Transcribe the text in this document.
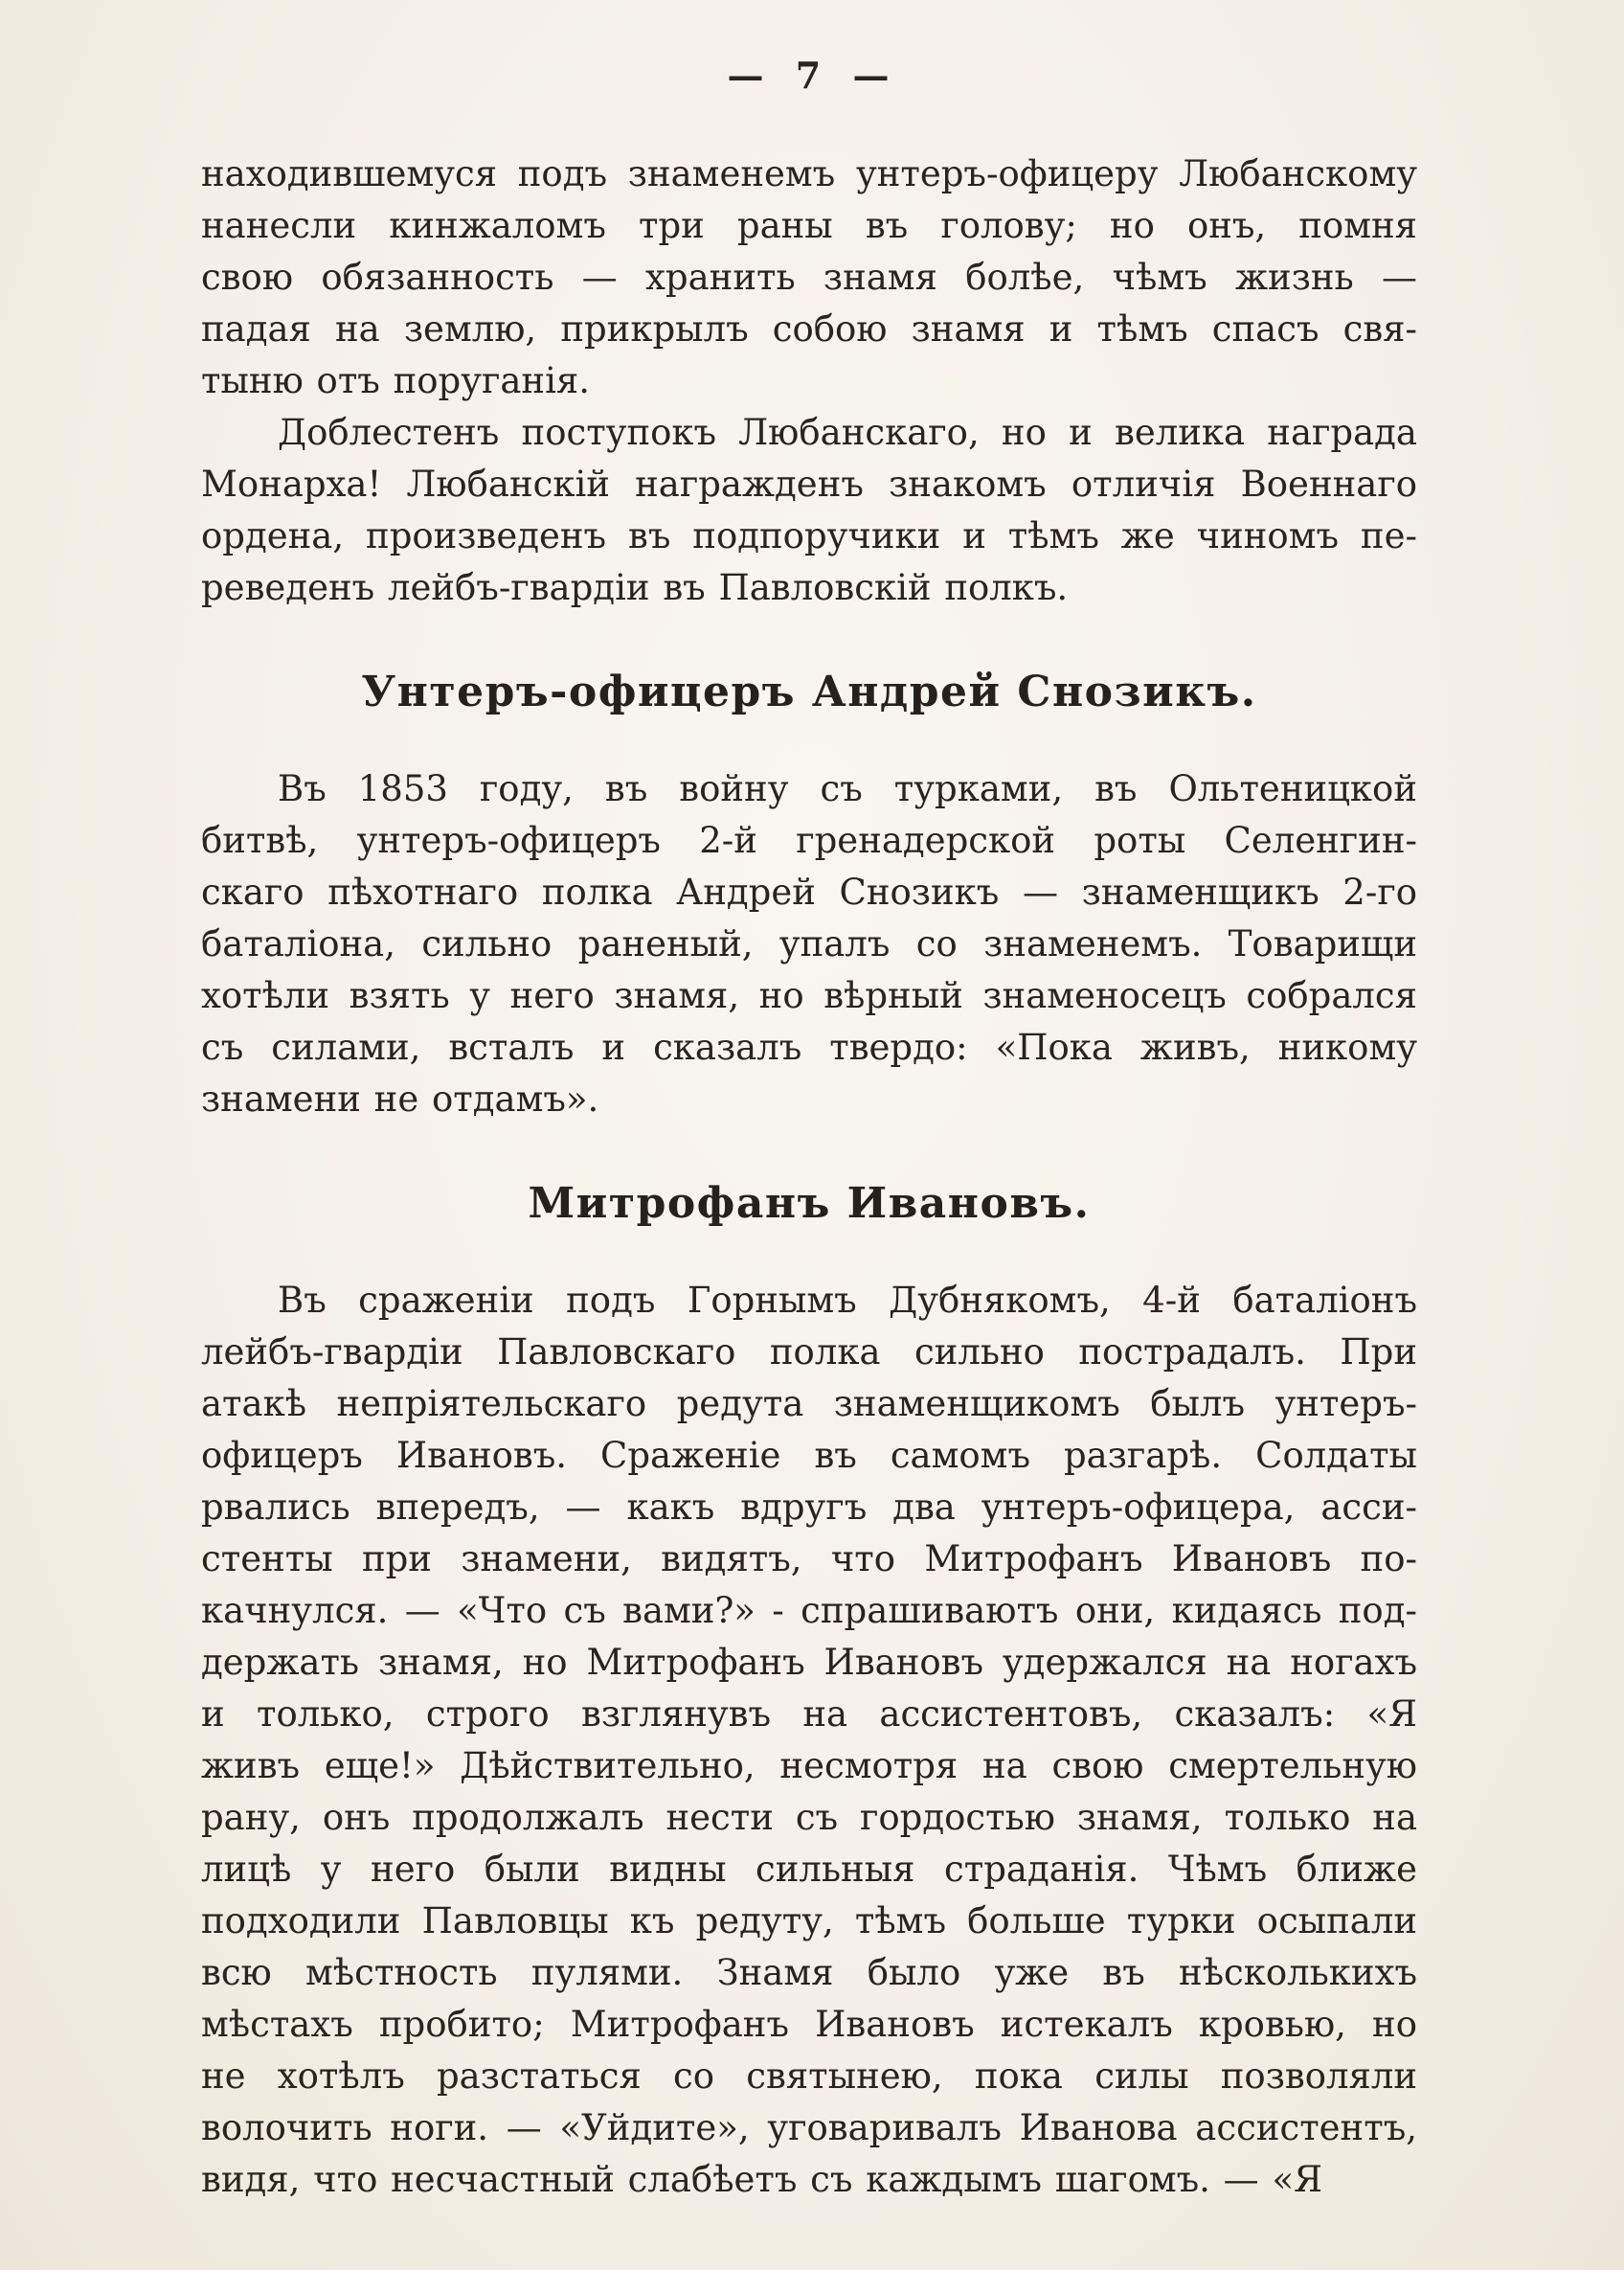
— 7 —

находившемуся подъ знаменемъ унтеръ-офицеру Любанскому
нанесли кинжаломъ три раны въ голову; но онъ, помня
свою обязанность — хранить знамя болѣе, чѣмъ жизнь —
падая на землю, прикрылъ собою знамя и тѣмъ спасъ свя-
тыню отъ поруганія.

Доблестенъ поступокъ Любанскаго, но и велика награда
Монарха! Любанскій награжденъ знакомъ отличія Военнаго
ордена, произведенъ въ подпоручики и тѣмъ же чиномъ пе-
реведенъ лейбъ-гвардіи въ Павловскій полкъ.

Унтеръ-офицеръ Андрей Снозикъ.

Въ 1853 году, въ войну съ турками, въ Ольтеницкой
битвѣ, унтеръ-офицеръ 2-й гренадерской роты Селенгин-
скаго пѣхотнаго полка Андрей Снозикъ — знаменщикъ 2-го
баталіона, сильно раненый, упалъ со знаменемъ. Товарищи
хотѣли взять у него знамя, но вѣрный знаменосецъ собрался
съ силами, всталъ и сказалъ твердо: «Пока живъ, никому
знамени не отдамъ».

Митрофанъ Ивановъ.

Въ сраженіи подъ Горнымъ Дубнякомъ, 4-й баталіонъ
лейбъ-гвардіи Павловскаго полка сильно пострадалъ. При
атакѣ непріятельскаго редута знаменщикомъ былъ унтеръ-
офицеръ Ивановъ. Сраженіе въ самомъ разгарѣ. Солдаты
рвались впередъ, — какъ вдругъ два унтеръ-офицера, асси-
стенты при знамени, видятъ, что Митрофанъ Ивановъ по-
качнулся. — «Что съ вами?» - спрашиваютъ они, кидаясь под-
держать знамя, но Митрофанъ Ивановъ удержался на ногахъ
и только, строго взглянувъ на ассистентовъ, сказалъ: «Я
живъ еще!» Дѣйствительно, несмотря на свою смертельную
рану, онъ продолжалъ нести съ гордостью знамя, только на
лицѣ у него были видны сильныя страданія. Чѣмъ ближе
подходили Павловцы къ редуту, тѣмъ больше турки осыпали
всю мѣстность пулями. Знамя было уже въ нѣсколькихъ
мѣстахъ пробито; Митрофанъ Ивановъ истекалъ кровью, но
не хотѣлъ разстаться со святынею, пока силы позволяли
волочить ноги. — «Уйдите», уговаривалъ Иванова ассистентъ,
видя, что несчастный слабѣетъ съ каждымъ шагомъ. — «Я
